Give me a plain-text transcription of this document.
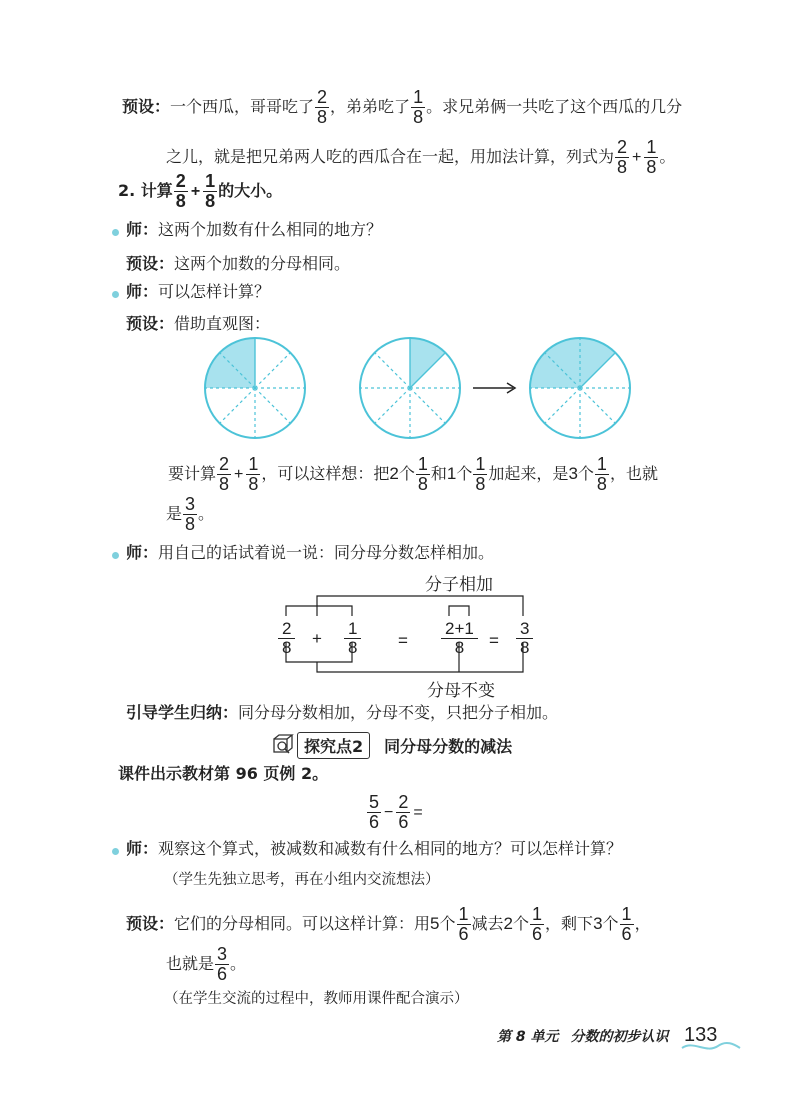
预设：一个西瓜，哥哥吃了 $\frac{2}{8}$ ，弟弟吃了 $\frac{1}{8}$ 。求兄弟俩一共吃了这个西瓜的几分
之儿，就是把兄弟两人吃的西瓜合在一起，用加法计算，列式为 $\frac{2}{8} + \frac{1}{8}$ 。
2. 计算 $\frac{2}{8} + \frac{1}{8}$ 的大小。
师：这两个加数有什么相同的地方？
预设：这两个加数的分母相同。
师：可以怎样计算？
预设：借助直观图：
要计算 $\frac{2}{8} + \frac{1}{8}$ ，可以这样想：把2个 $\frac{1}{8}$ 和1个 $\frac{1}{8}$ 加起来，是3个 $\frac{1}{8}$ ，也就
是 $\frac{3}{8}$ 。
师：用自己的话试着说一说：同分母分数怎样相加。
分子相加
分母不变
2
8 +
1
8 =
2+1
8	=
3
8
引导学生归纳：同分母分数相加，分母不变，只把分子相加。
探究点2	同分母分数的减法
课件出示教材第 96 页例 2。
$\frac{5}{6} - \frac{2}{6}$ =
师：观察这个算式，被减数和减数有什么相同的地方？可以怎样计算？
（学生先独立思考，再在小组内交流想法）
预设：它们的分母相同。可以这样计算：用5个 $\frac{1}{6}$ 减去2个 $\frac{1}{6}$ ，剩下3个 $\frac{1}{6}$ ，
也就是 $\frac{3}{6}$ 。
（在学生交流的过程中，教师用课件配合演示）
第 8 单元 分数的初步认识 133
